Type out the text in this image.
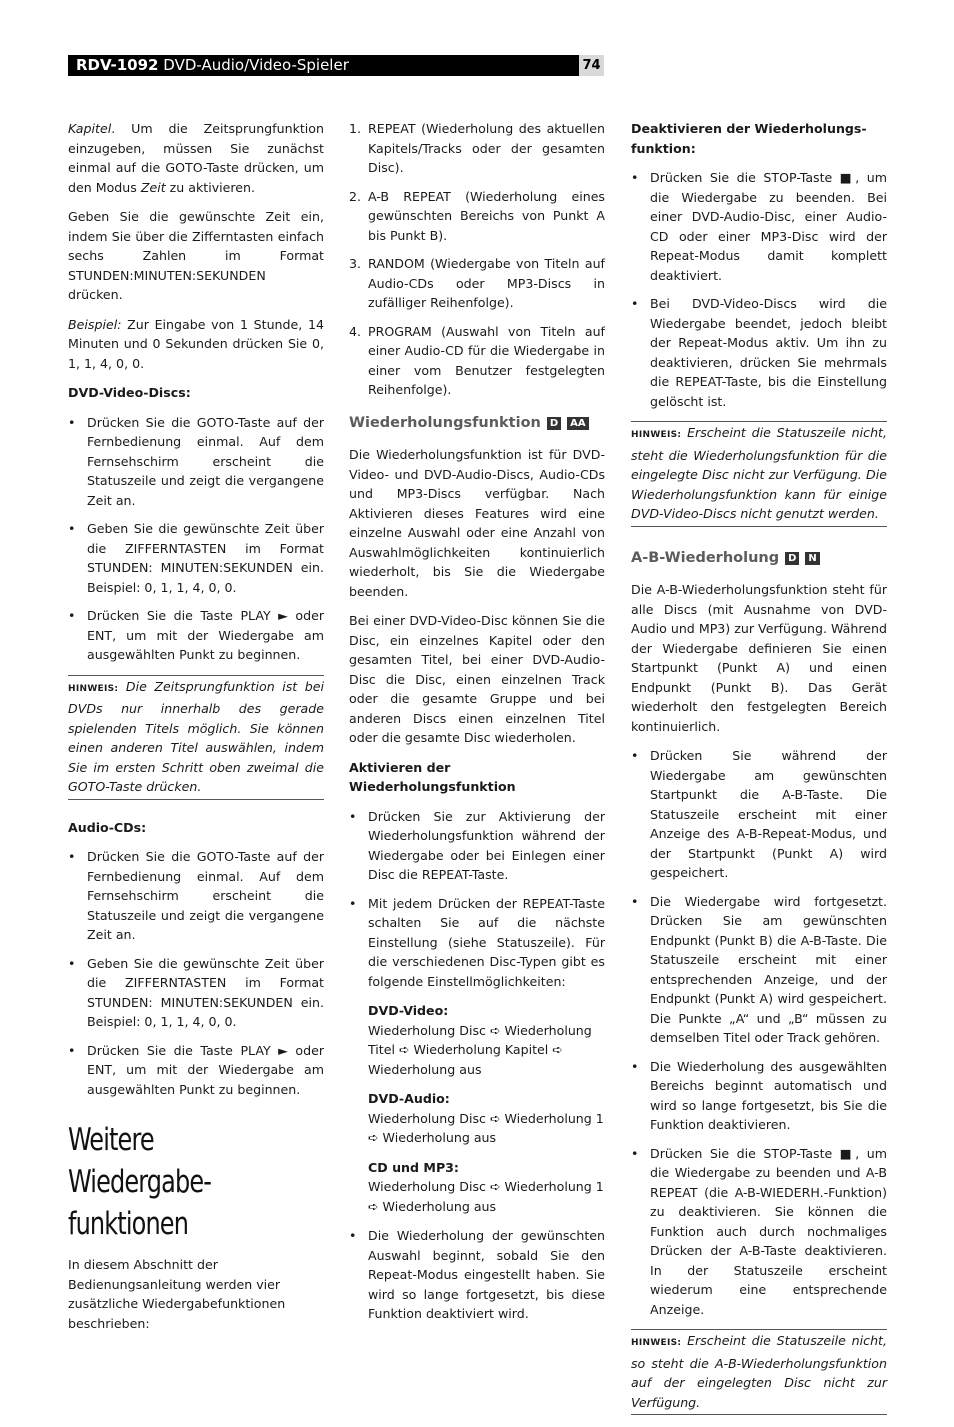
RDV-1092 DVD-Audio/Video-Spieler	74

Kapitel. Um die Zeitsprungfunktion einzugeben, müssen Sie zunächst einmal auf die GOTO-Taste drücken, um den Modus Zeit zu aktivieren.

Geben Sie die gewünschte Zeit ein, indem Sie über die Zifferntasten einfach sechs Zahlen im Format STUNDEN:MINUTEN:SEKUNDEN drücken.

Beispiel: Zur Eingabe von 1 Stunde, 14 Minuten und 0 Sekunden drücken Sie 0, 1, 1, 4, 0, 0.

DVD-Video-Discs:
• Drücken Sie die GOTO-Taste auf der Fernbedienung einmal. Auf dem Fernsehschirm erscheint die Statuszeile und zeigt die vergangene Zeit an.
• Geben Sie die gewünschte Zeit über die ZIFFERNTASTEN im Format STUNDEN: MINUTEN:SEKUNDEN ein. Beispiel: 0, 1, 1, 4, 0, 0.
• Drücken Sie die Taste PLAY ► oder ENT, um mit der Wiedergabe am ausgewählten Punkt zu beginnen.
HINWEIS: Die Zeitsprungfunktion ist bei DVDs nur innerhalb des gerade spielenden Titels möglich. Sie können einen anderen Titel auswählen, indem Sie im ersten Schritt oben zweimal die GOTO-Taste drücken.
Audio-CDs:
• Drücken Sie die GOTO-Taste auf der Fernbedienung einmal. Auf dem Fernsehschirm erscheint die Statuszeile und zeigt die vergangene Zeit an.
• Geben Sie die gewünschte Zeit über die ZIFFERNTASTEN im Format STUNDEN: MINUTEN:SEKUNDEN ein. Beispiel: 0, 1, 1, 4, 0, 0.
• Drücken Sie die Taste PLAY ► oder ENT, um mit der Wiedergabe am ausgewählten Punkt zu beginnen.
Weitere Wiedergabe-
funktionen

In diesem Abschnitt der Bedienungsanleitung werden vier zusätzliche Wiedergabefunktionen beschrieben:

1. REPEAT (Wiederholung des aktuellen Kapitels/Tracks oder der gesamten Disc).
2. A-B REPEAT (Wiederholung eines gewünschten Bereichs von Punkt A bis Punkt B).
3. RANDOM (Wiedergabe von Titeln auf Audio-CDs oder MP3-Discs in zufälliger Reihenfolge).
4. PROGRAM (Auswahl von Titeln auf einer Audio-CD für die Wiedergabe in einer vom Benutzer festgelegten Reihenfolge).
Wiederholungsfunktion D	AA

Die Wiederholungsfunktion ist für DVD-Video- und DVD-Audio-Discs, Audio-CDs und MP3-Discs verfügbar. Nach Aktivieren dieses Features wird eine einzelne Auswahl oder eine Anzahl von Auswahlmöglichkeiten kontinuierlich wiederholt, bis Sie die Wiedergabe beenden.

Bei einer DVD-Video-Disc können Sie die Disc, ein einzelnes Kapitel oder den gesamten Titel, bei einer DVD-Audio-Disc die Disc, einen einzelnen Track oder die gesamte Gruppe und bei anderen Discs einen einzelnen Titel oder die gesamte Disc wiederholen.

Aktivieren der
Wiederholungsfunktion
• Drücken Sie zur Aktivierung der Wiederholungsfunktion während der Wiedergabe oder bei Einlegen einer Disc die REPEAT-Taste.
• Mit jedem Drücken der REPEAT-Taste schalten Sie auf die nächste Einstellung (siehe Statuszeile). Für die verschiedenen Disc-Typen gibt es folgende Einstellmöglichkeiten:
DVD-Video:
Wiederholung Disc ➪ Wiederholung Titel ➪ Wiederholung Kapitel ➪ Wiederholung aus
DVD-Audio:
Wiederholung Disc ➪ Wiederholung 1 ➪ Wiederholung aus
CD und MP3:
Wiederholung Disc ➪ Wiederholung 1 ➪ Wiederholung aus
• Die Wiederholung der gewünschten Auswahl beginnt, sobald Sie den Repeat-Modus eingestellt haben. Sie wird so lange fortgesetzt, bis diese Funktion deaktiviert wird.
Deaktivieren der Wiederholungs-
funktion:
• Drücken Sie die STOP-Taste ■, um die Wiedergabe zu beenden. Bei einer DVD-Audio-Disc, einer Audio-CD oder einer MP3-Disc wird der Repeat-Modus damit komplett deaktiviert.
• Bei DVD-Video-Discs wird die Wiedergabe beendet, jedoch bleibt der Repeat-Modus aktiv. Um ihn zu deaktivieren, drücken Sie mehrmals die REPEAT-Taste, bis die Einstellung gelöscht ist.
HINWEIS: Erscheint die Statuszeile nicht, steht die Wiederholungsfunktion für die eingelegte Disc nicht zur Verfügung. Die Wiederholungsfunktion kann für einige DVD-Video-Discs nicht genutzt werden.
A-B-Wiederholung D	N

Die A-B-Wiederholungsfunktion steht für alle Discs (mit Ausnahme von DVD-Audio und MP3) zur Verfügung. Während der Wiedergabe definieren Sie einen Startpunkt (Punkt A) und einen Endpunkt (Punkt B). Das Gerät wiederholt den festgelegten Bereich kontinuierlich.

• Drücken Sie während der Wiedergabe am gewünschten Startpunkt die A-B-Taste. Die Statuszeile erscheint mit einer Anzeige des A-B-Repeat-Modus, und der Startpunkt (Punkt A) wird gespeichert.
• Die Wiedergabe wird fortgesetzt. Drücken Sie am gewünschten Endpunkt (Punkt B) die A-B-Taste. Die Statuszeile erscheint mit einer entsprechenden Anzeige, und der Endpunkt (Punkt A) wird gespeichert. Die Punkte „A“ und „B“ müssen zu demselben Titel oder Track gehören.
• Die Wiederholung des ausgewählten Bereichs beginnt automatisch und wird so lange fortgesetzt, bis Sie die Funktion deaktivieren.
• Drücken Sie die STOP-Taste ■, um die Wiedergabe zu beenden und A-B REPEAT (die A-B-WIEDERH.-Funktion) zu deaktivieren. Sie können die Funktion auch durch nochmaliges Drücken der A-B-Taste deaktivieren. In der Statuszeile erscheint wiederum eine entsprechende Anzeige.
HINWEIS: Erscheint die Statuszeile nicht, so steht die A-B-Wiederholungsfunktion auf der eingelegten Disc nicht zur Verfügung.
